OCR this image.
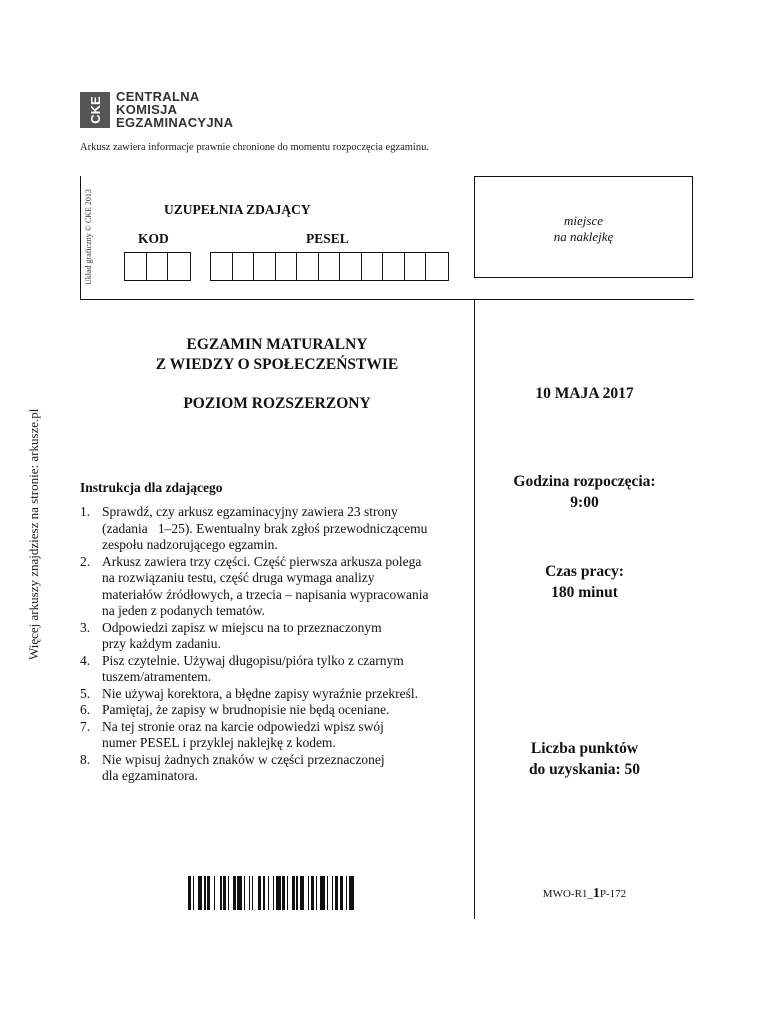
CKE	CENTRALNA
KOMISJA
EGZAMINACYJNA
Arkusz zawiera informacje prawnie chronione do momentu rozpoczęcia egzaminu.
Układ graficzny © CKE 2013
Więcej arkuszy znajdziesz na stronie: arkusze.pl
UZUPEŁNIA ZDAJĄCY
KOD	PESEL
miejsce
na naklejkę
EGZAMIN MATURALNY
Z WIEDZY O SPOŁECZEŃSTWIE
POZIOM ROZSZERZONY
10 MAJA 2017
Godzina rozpoczęcia:
9:00
Czas pracy:
180 minut
Liczba punktów
do uzyskania: 50
Instrukcja dla zdającego
1. Sprawdź, czy arkusz egzaminacyjny zawiera 23 strony
(zadania   1–25). Ewentualny brak zgłoś przewodniczącemu
zespołu nadzorującego egzamin.
2. Arkusz zawiera trzy części. Część pierwsza arkusza polega
na rozwiązaniu testu, część druga wymaga analizy
materiałów źródłowych, a trzecia – napisania wypracowania
na jeden z podanych tematów.
3. Odpowiedzi zapisz w miejscu na to przeznaczonym
przy każdym zadaniu.
4. Pisz czytelnie. Używaj długopisu/pióra tylko z czarnym
tuszem/atramentem.
5. Nie używaj korektora, a błędne zapisy wyraźnie przekreśl.
6. Pamiętaj, że zapisy w brudnopisie nie będą oceniane.
7. Na tej stronie oraz na karcie odpowiedzi wpisz swój
numer PESEL i przyklej naklejkę z kodem.
8. Nie wpisuj żadnych znaków w części przeznaczonej
dla egzaminatora.
MWO-R1_1P-172
